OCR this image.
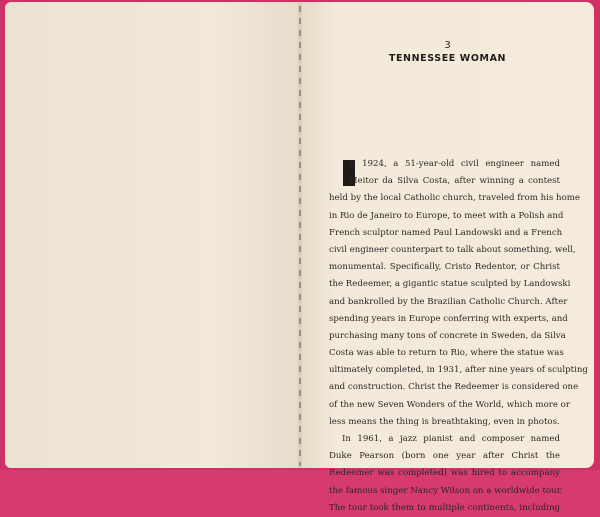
3
TENNESSEE WOMAN
n 1924, a 51-year-old civil engineer named
Heitor da Silva Costa, after winning a contest
held by the local Catholic church, traveled from his home
in Rio de Janeiro to Europe, to meet with a Polish and
French sculptor named Paul Landowski and a French
civil engineer counterpart to talk about something, well,
monumental. Specifically, Cristo Redentor, or Christ
the Redeemer, a gigantic statue sculpted by Landowski
and bankrolled by the Brazilian Catholic Church. After
spending years in Europe conferring with experts, and
purchasing many tons of concrete in Sweden, da Silva
Costa was able to return to Rio, where the statue was
ultimately completed, in 1931, after nine years of sculpting
and construction. Christ the Redeemer is considered one
of the new Seven Wonders of the World, which more or
less means the thing is breathtaking, even in photos.
In 1961, a jazz pianist and composer named
Duke Pearson (born one year after Christ the
Redeemer was completed) was hired to accompany
the famous singer Nancy Wilson on a worldwide tour.
The tour took them to multiple continents, including
